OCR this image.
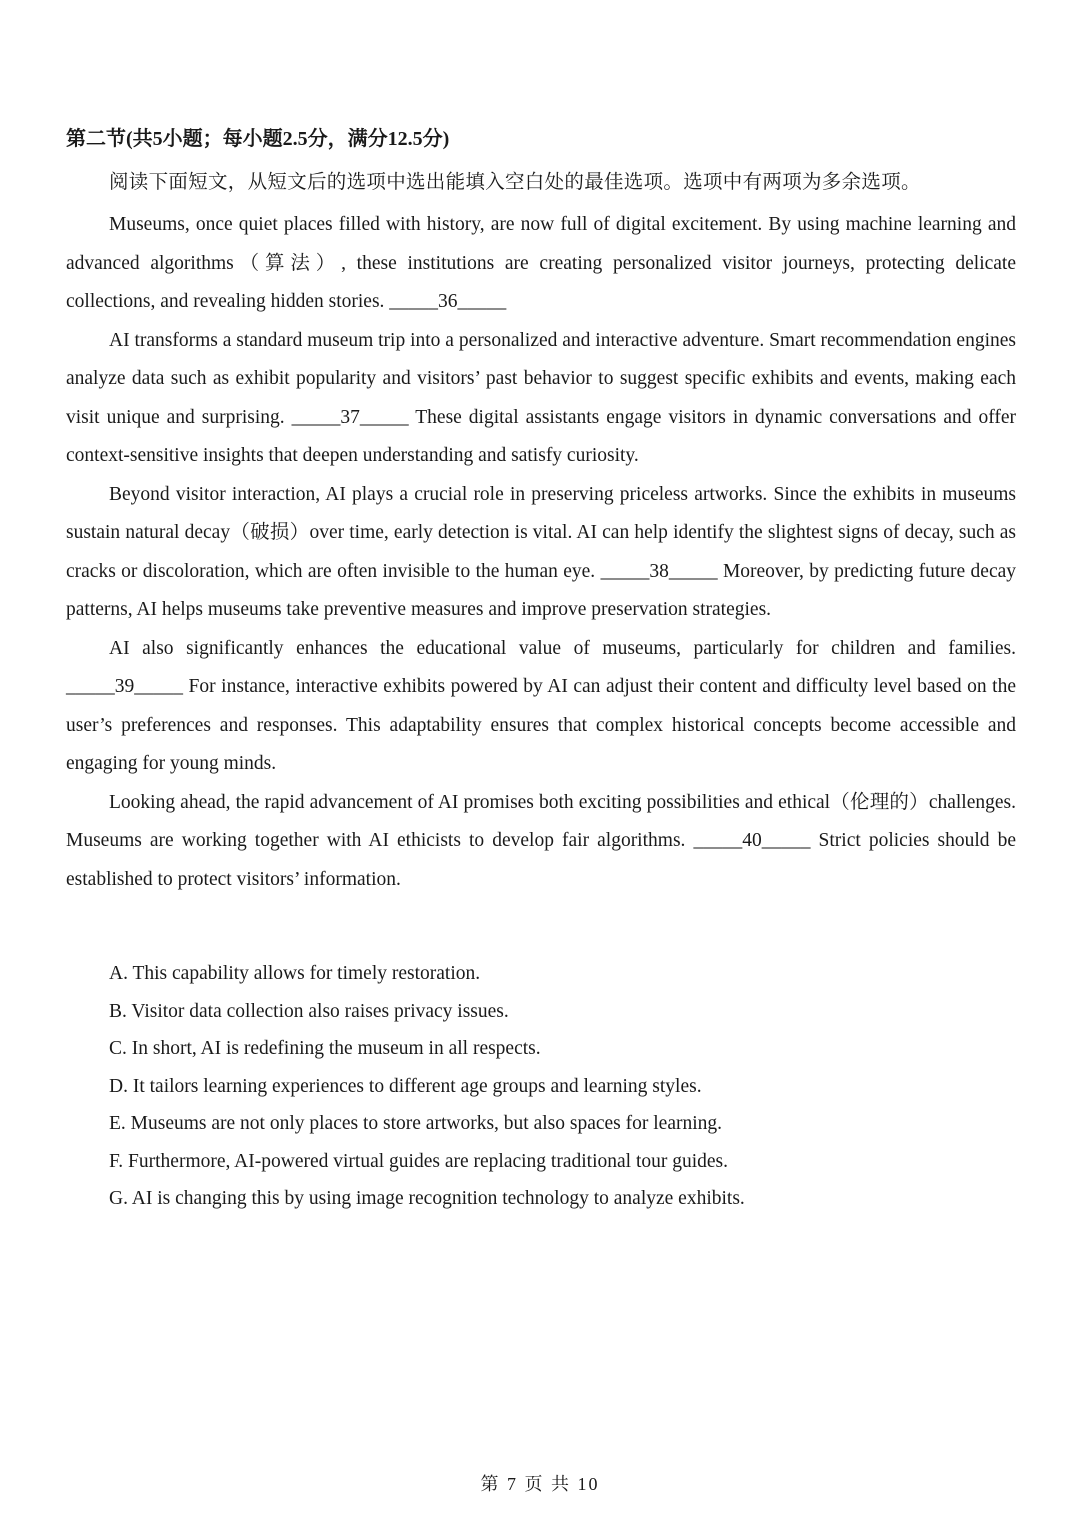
第二节(共5小题；每小题2.5分，满分12.5分)

阅读下面短文，从短文后的选项中选出能填入空白处的最佳选项。选项中有两项为多余选项。

Museums, once quiet places filled with history, are now full of digital excitement. By using machine learning and advanced algorithms（算法）, these institutions are creating personalized visitor journeys, protecting delicate collections, and revealing hidden stories. _____36_____

AI transforms a standard museum trip into a personalized and interactive adventure. Smart recommendation engines analyze data such as exhibit popularity and visitors’ past behavior to suggest specific exhibits and events, making each visit unique and surprising. _____37_____ These digital assistants engage visitors in dynamic conversations and offer context-sensitive insights that deepen understanding and satisfy curiosity.

Beyond visitor interaction, AI plays a crucial role in preserving priceless artworks. Since the exhibits in museums sustain natural decay（破损）over time, early detection is vital. AI can help identify the slightest signs of decay, such as cracks or discoloration, which are often invisible to the human eye. _____38_____ Moreover, by predicting future decay patterns, AI helps museums take preventive measures and improve preservation strategies.

AI also significantly enhances the educational value of museums, particularly for children and families. _____39_____ For instance, interactive exhibits powered by AI can adjust their content and difficulty level based on the user’s preferences and responses. This adaptability ensures that complex historical concepts become accessible and engaging for young minds.

Looking ahead, the rapid advancement of AI promises both exciting possibilities and ethical（伦理的）challenges. Museums are working together with AI ethicists to develop fair algorithms. _____40_____ Strict policies should be established to protect visitors’ information.

A. This capability allows for timely restoration.

B. Visitor data collection also raises privacy issues.

C. In short, AI is redefining the museum in all respects.

D. It tailors learning experiences to different age groups and learning styles.

E. Museums are not only places to store artworks, but also spaces for learning.

F. Furthermore, AI-powered virtual guides are replacing traditional tour guides.

G. AI is changing this by using image recognition technology to analyze exhibits.

第 7 页 共 10
